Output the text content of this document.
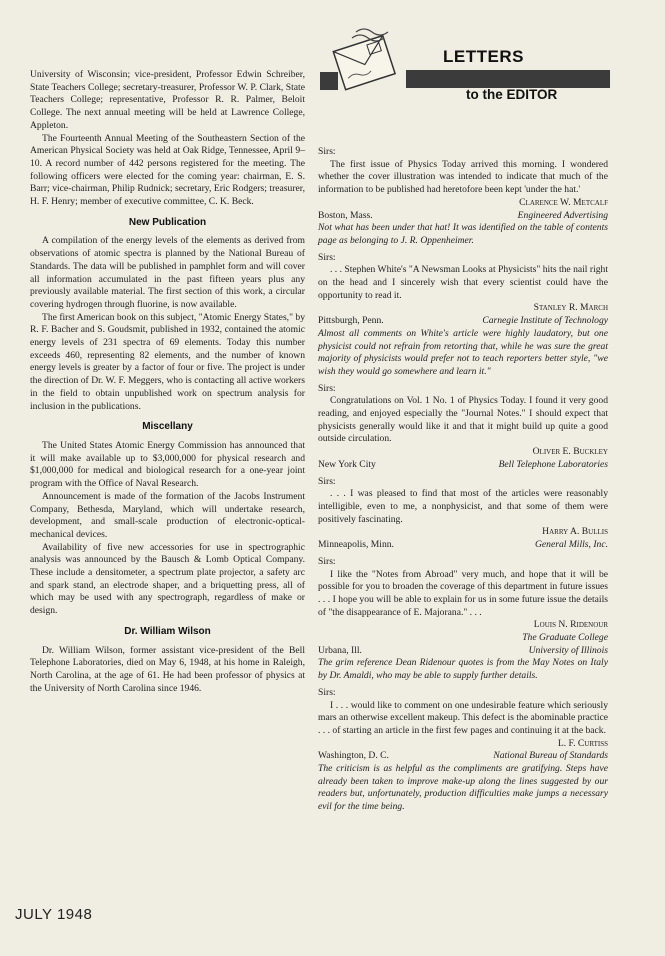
LETTERS
to the EDITOR

University of Wisconsin; vice-president, Professor Edwin Schreiber, State Teachers College; secretary-treasurer, Professor W. P. Clark, State Teachers College; representative, Professor R. R. Palmer, Beloit College. The next annual meeting will be held at Lawrence College, Appleton.

The Fourteenth Annual Meeting of the Southeastern Section of the American Physical Society was held at Oak Ridge, Tennessee, April 9–10. A record number of 442 persons registered for the meeting. The following officers were elected for the coming year: chairman, E. S. Barr; vice-chairman, Philip Rudnick; secretary, Eric Rodgers; treasurer, H. F. Henry; member of executive committee, C. K. Beck.

New Publication

A compilation of the energy levels of the elements as derived from observations of atomic spectra is planned by the National Bureau of Standards. The data will be published in pamphlet form and will cover all information accumulated in the past fifteen years plus any previously available material. The first section of this work, a circular covering hydrogen through fluorine, is now available.

The first American book on this subject, "Atomic Energy States," by R. F. Bacher and S. Goudsmit, published in 1932, contained the atomic energy levels of 231 spectra of 69 elements. Today this number exceeds 460, representing 82 elements, and the number of known energy levels is greater by a factor of four or five. The project is under the direction of Dr. W. F. Meggers, who is contacting all active workers in the field to obtain unpublished work on spectrum analysis for inclusion in the publications.

Miscellany

The United States Atomic Energy Commission has announced that it will make available up to $3,000,000 for physical research and $1,000,000 for medical and biological research for a one-year joint program with the Office of Naval Research.

Announcement is made of the formation of the Jacobs Instrument Company, Bethesda, Maryland, which will undertake research, development, and small-scale production of electronic-optical-mechanical devices.

Availability of five new accessories for use in spectrographic analysis was announced by the Bausch & Lomb Optical Company. These include a densitometer, a spectrum plate projector, a safety arc and spark stand, an electrode shaper, and a briquetting press, all of which may be used with any spectrograph, regardless of make or design.

Dr. William Wilson

Dr. William Wilson, former assistant vice-president of the Bell Telephone Laboratories, died on May 6, 1948, at his home in Raleigh, North Carolina, at the age of 61. He had been professor of physics at the University of North Carolina since 1946.

Sirs:

The first issue of Physics Today arrived this morning. I wondered whether the cover illustration was intended to indicate that much of the information to be published had heretofore been kept 'under the hat.'

Clarence W. Metcalf
Boston, Mass.	Engineered Advertising

Not what has been under that hat! It was identified on the table of contents page as belonging to J. R. Oppenheimer.

Sirs:

. . . Stephen White's "A Newsman Looks at Physicists" hits the nail right on the head and I sincerely wish that every scientist could have the opportunity to read it.

Stanley R. March
Pittsburgh, Penn.	Carnegie Institute of Technology

Almost all comments on White's article were highly laudatory, but one physicist could not refrain from retorting that, while he was sure the great majority of physicists would prefer not to teach reporters better style, "we wish they would go somewhere and learn it."

Sirs:

Congratulations on Vol. 1 No. 1 of Physics Today. I found it very good reading, and enjoyed especially the "Journal Notes." I should expect that physicists generally would like it and that it might build up quite a good outside circulation.

Oliver E. Buckley
New York City	Bell Telephone Laboratories
Sirs:

. . . I was pleased to find that most of the articles were reasonably intelligible, even to me, a nonphysicist, and that some of them were positively fascinating.

Harry A. Bullis
Minneapolis, Minn.	General Mills, Inc.
Sirs:

I like the "Notes from Abroad" very much, and hope that it will be possible for you to broaden the coverage of this department in future issues . . . I hope you will be able to explain for us in some future issue the details of "the disappearance of E. Majorana." . . .

Louis N. Ridenour
The Graduate College
Urbana, Ill.	University of Illinois

The grim reference Dean Ridenour quotes is from the May Notes on Italy by Dr. Amaldi, who may be able to supply further details.

Sirs:

I . . . would like to comment on one undesirable feature which seriously mars an otherwise excellent makeup. This defect is the abominable practice . . . of starting an article in the first few pages and continuing it at the back.

L. F. Curtiss
Washington, D. C.	National Bureau of Standards

The criticism is as helpful as the compliments are gratifying. Steps have already been taken to improve make-up along the lines suggested by our readers but, unfortunately, production difficulties make jumps a necessary evil for the time being.

JULY 1948
